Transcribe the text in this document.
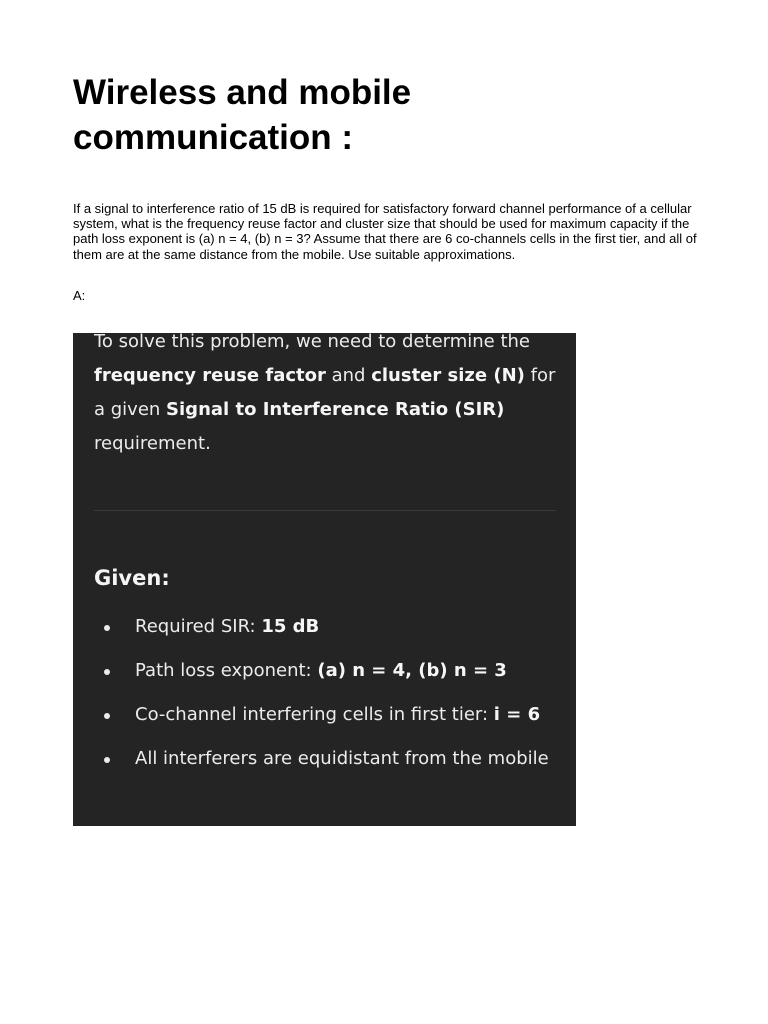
Wireless and mobile
communication :

If a signal to interference ratio of 15 dB is required for satisfactory forward channel performance of a cellular system, what is the frequency reuse factor and cluster size that should be used for maximum capacity if the path loss exponent is (a) n = 4, (b) n = 3? Assume that there are 6 co-channels cells in the first tier, and all of them are at the same distance from the mobile. Use suitable approximations.

A:

To solve this problem, we need to determine the frequency reuse factor and cluster size (N) for a given Signal to Interference Ratio (SIR) requirement.

Given:
Required SIR: 15 dB
Path loss exponent: (a) n = 4, (b) n = 3
Co-channel interfering cells in first tier: i = 6
All interferers are equidistant from the mobile
